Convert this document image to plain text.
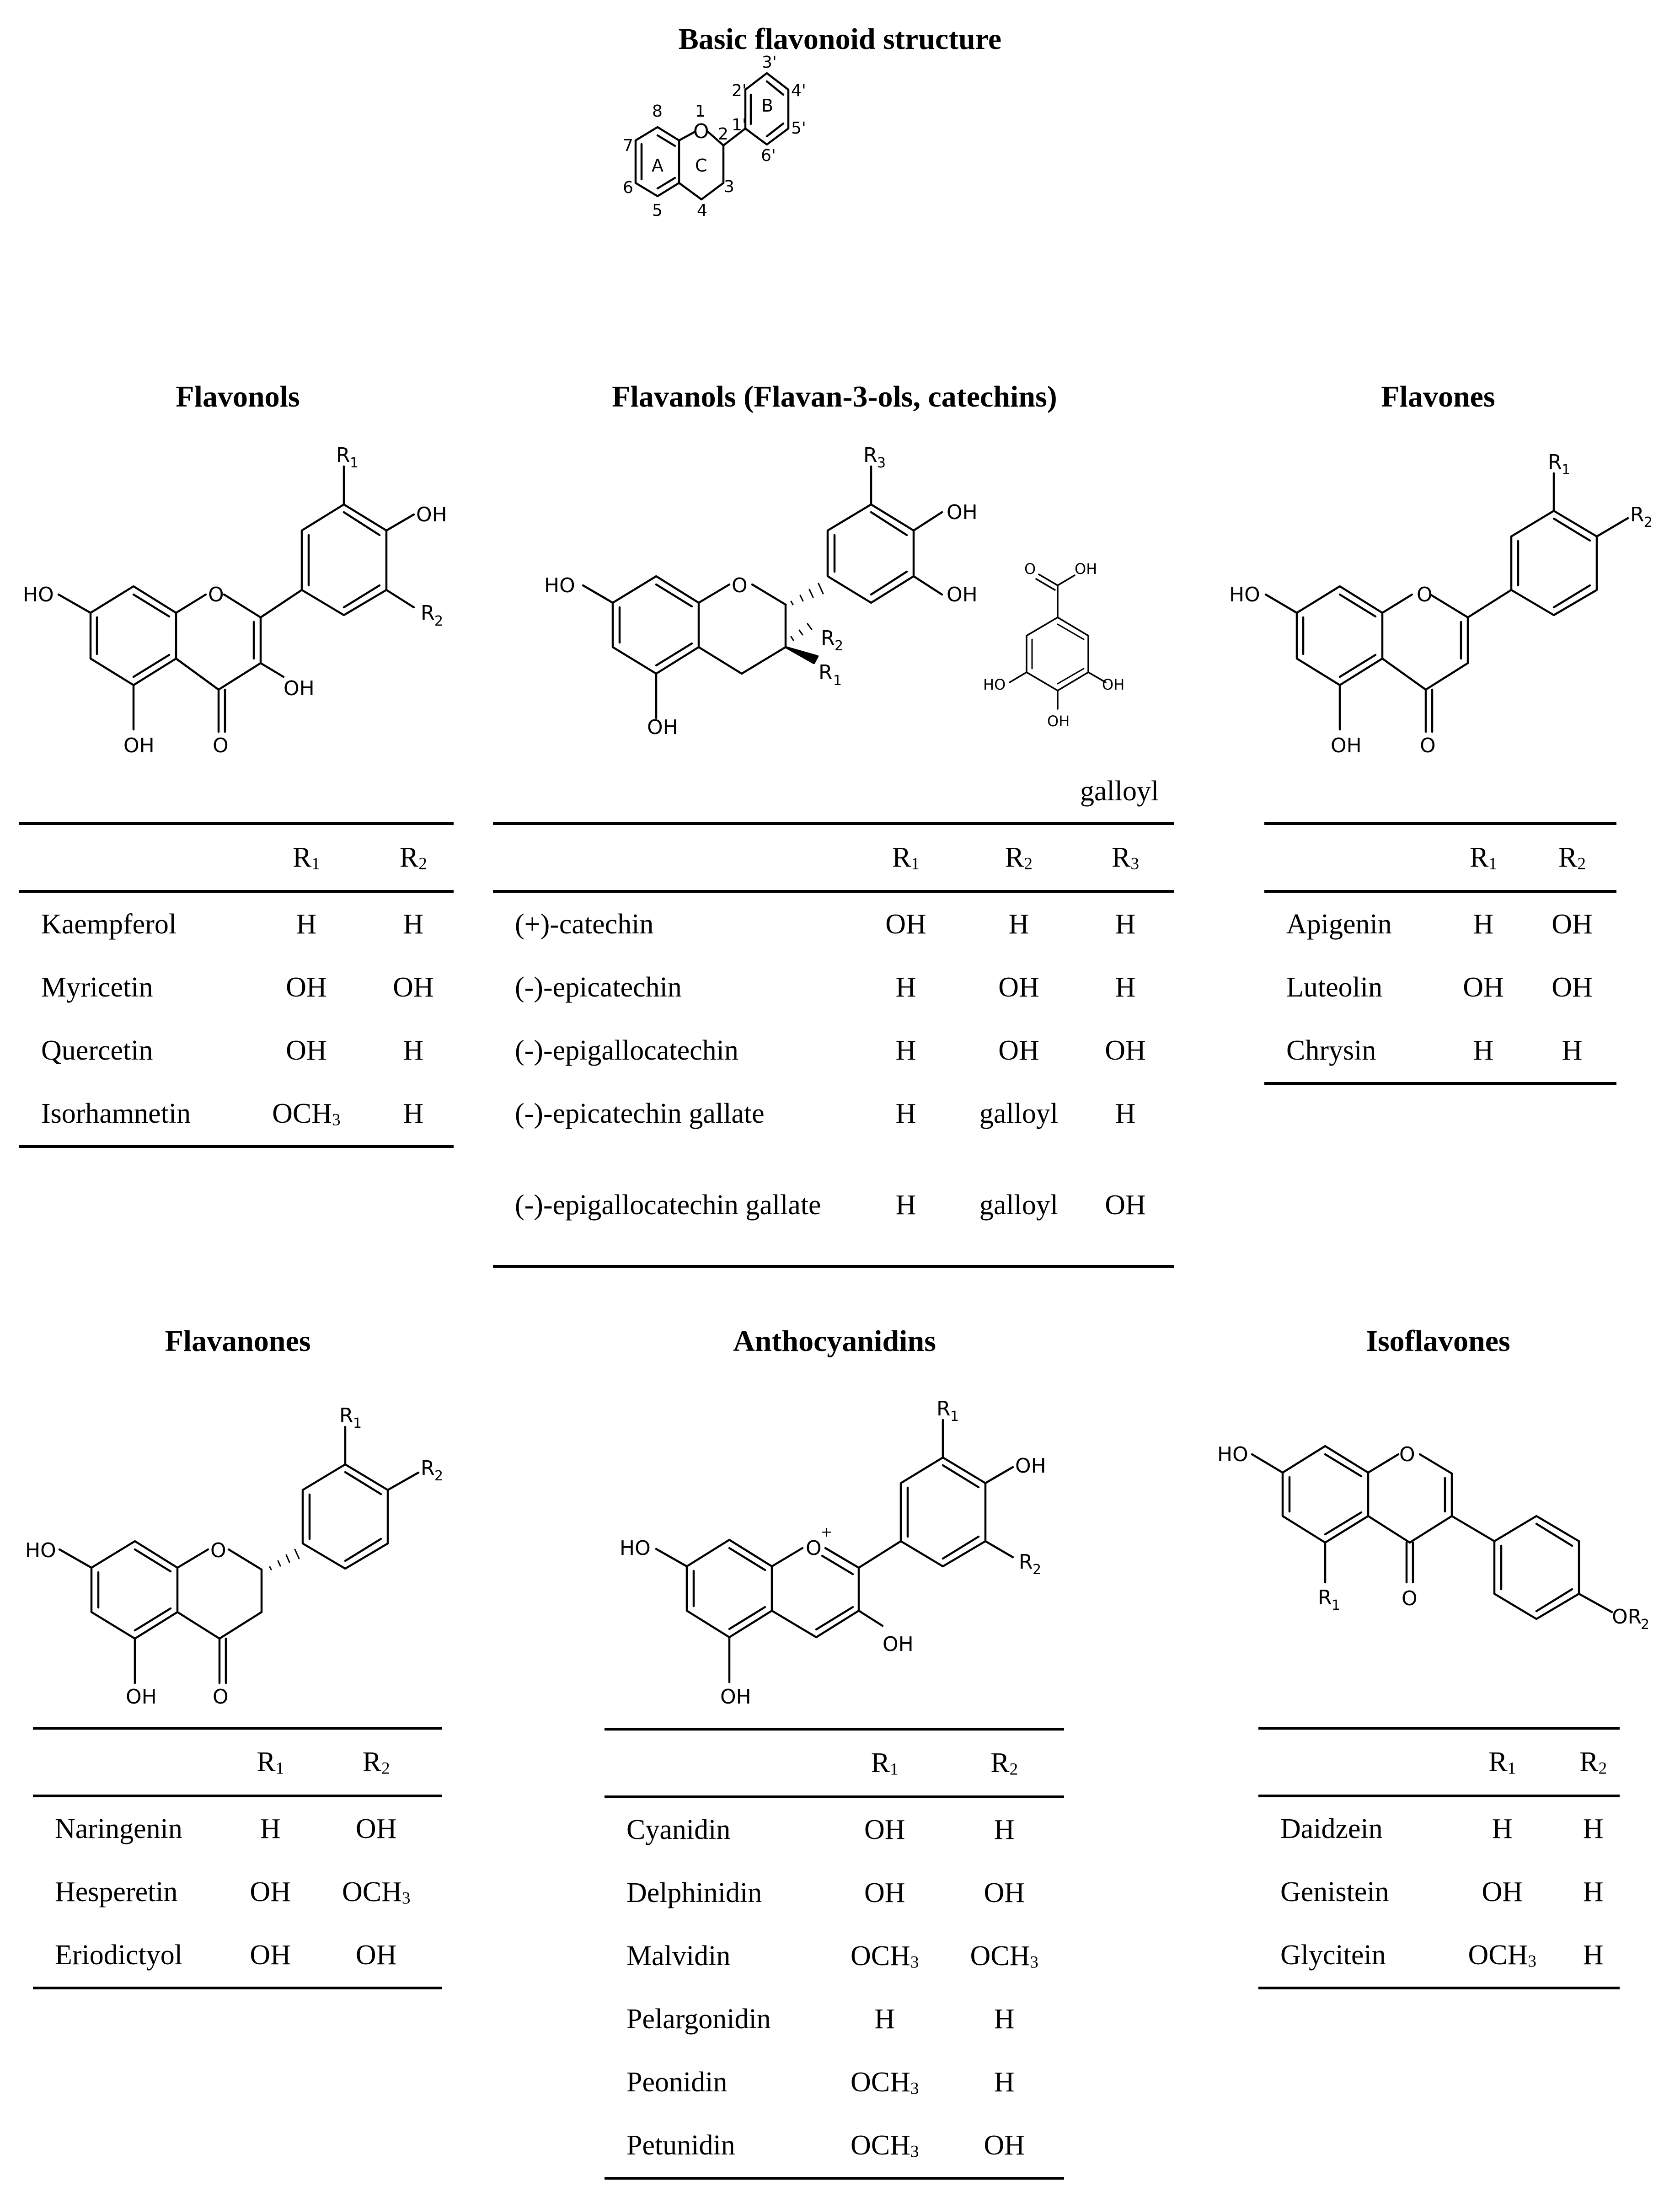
Basic flavonoid structure
O
A
B
C
1
2
3
4
5
6
7
8
1'
2'
3'
4'
5'
6'
Flavonols
HO	O
OH
OH	O
R 1
OH
R 2
	$R_1$	$R_2$
Kaempferol	H	H
Myricetin	OH	OH
Quercetin	OH	H
Isorhamnetin	$OCH_3$	H
Flavanols (Flavan-3-ols, catechins)
HO	O
OH
R 2
R 1
R 3
OH
OH
O	OH
HO	OH
OH
galloyl
	$R_1$	$R_2$	$R_3$
(+)-catechin	OH	H	H
(-)-epicatechin	H	OH	H
(-)-epigallocatechin	H	OH	OH
(-)-epicatechin gallate	H	galloyl	H
(-)-epigallocatechin gallate	H	galloyl	OH
Flavones
HO	O
OH	O
R 1
R 2
	$R_1$	$R_2$
Apigenin	H	OH
Luteolin	OH	OH
Chrysin	H	H
Flavanones
HO	O
OH	O
R 1
R 2
	$R_1$	$R_2$
Naringenin	H	OH
Hesperetin	OH	$OCH_3$
Eriodictyol	OH	OH
Anthocyanidins
HO	O
+
OH
OH
R 1
OH
R 2
	$R_1$	$R_2$
Cyanidin	OH	H
Delphinidin	OH	OH
Malvidin	$OCH_3$	$OCH_3$
Pelargonidin	H	H
Peonidin	$OCH_3$	H
Petunidin	$OCH_3$	OH
Isoflavones
HO	O
O
R 1	OR
2
	$R_1$	$R_2$
Daidzein	H	H
Genistein	OH	H
Glycitein	$OCH_3$	H
